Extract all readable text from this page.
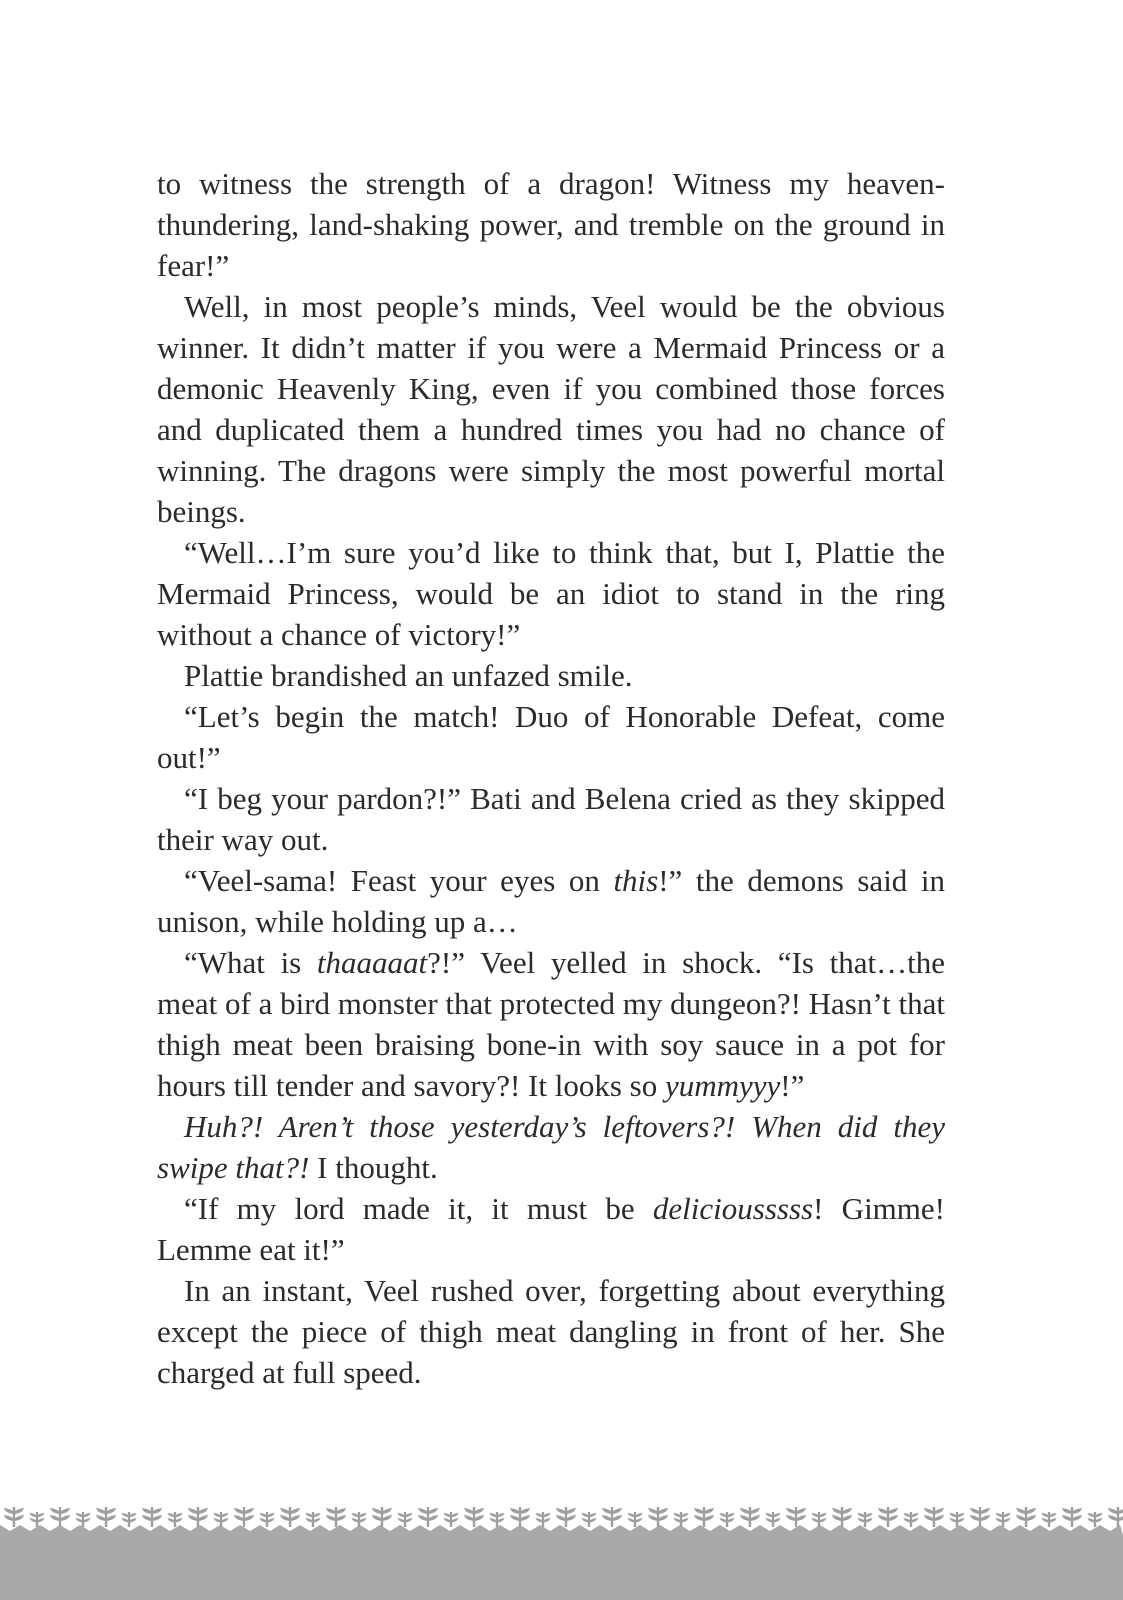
to witness the strength of a dragon! Witness my heaven-thundering, land-shaking power, and tremble on the ground in fear!”

Well, in most people’s minds, Veel would be the obvious winner. It didn’t matter if you were a Mermaid Princess or a demonic Heavenly King, even if you combined those forces and duplicated them a hundred times you had no chance of winning. The dragons were simply the most powerful mortal beings.

“Well…I’m sure you’d like to think that, but I, Plattie the Mermaid Princess, would be an idiot to stand in the ring without a chance of victory!”

Plattie brandished an unfazed smile.

“Let’s begin the match! Duo of Honorable Defeat, come out!”

“I beg your pardon?!” Bati and Belena cried as they skipped their way out.

“Veel-sama! Feast your eyes on this!” the demons said in unison, while holding up a…

“What is thaaaaat?!” Veel yelled in shock. “Is that…the meat of a bird monster that protected my dungeon?! Hasn’t that thigh meat been braising bone-in with soy sauce in a pot for hours till tender and savory?! It looks so yummyyy!”

Huh?! Aren’t those yesterday’s leftovers?! When did they swipe that?! I thought.

“If my lord made it, it must be deliciousssss! Gimme! Lemme eat it!”

In an instant, Veel rushed over, forgetting about everything except the piece of thigh meat dangling in front of her. She charged at full speed.
